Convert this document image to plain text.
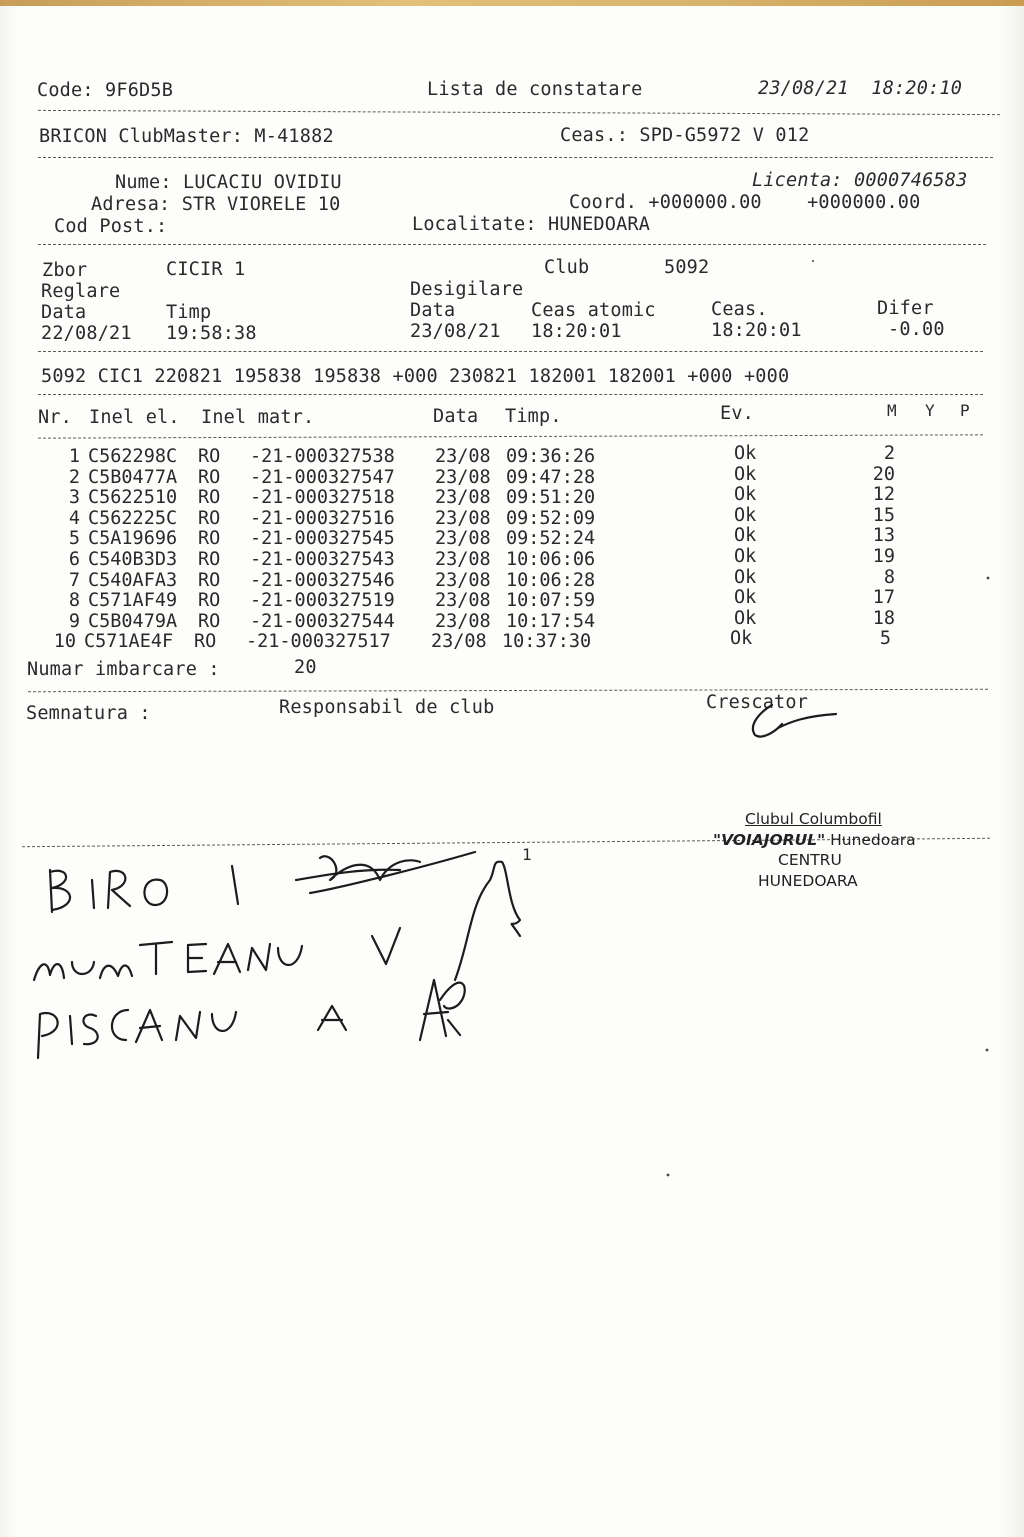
Code: 9F6D5B	Lista de constatare	23/08/21  18:20:10
BRICON ClubMaster: M-41882	Ceas.: SPD-G5972 V 012
Nume: LUCACIU OVIDIU
Adresa: STR VIORELE 10
Cod Post.:
Licenta: 0000746583
Coord. +000000.00    +000000.00
Localitate: HUNEDOARA
Zbor	CICIR 1	Club	5092
Reglare	Desigilare
Data	Timp	Data	Ceas atomic	Ceas.	Difer
22/08/21 19:58:38	23/08/21 18:20:01	18:20:01	-0.00
5092 CIC1 220821 195838 195838 +000 230821 182001 182001 +000 +000
Nr. Inel el. Inel matr.	Data Timp.	Ev.	M Y P
1 C562298C RO -21-000327538 23/08 09:36:26	Ok	2
2 C5B0477A RO -21-000327547 23/08 09:47:28	Ok	20
3 C5622510 RO -21-000327518 23/08 09:51:20	Ok	12
4 C562225C RO -21-000327516 23/08 09:52:09	Ok	15
5 C5A19696 RO -21-000327545 23/08 09:52:24	Ok	13
6 C540B3D3 RO -21-000327543 23/08 10:06:06	Ok	19
7 C540AFA3 RO -21-000327546 23/08 10:06:28	Ok	8
8 C571AF49 RO -21-000327519 23/08 10:07:59	Ok	17
9 C5B0479A RO -21-000327544 23/08 10:17:54	Ok	18
10 C571AE4F RO -21-000327517 23/08 10:37:30	Ok	5
Numar imbarcare :	20
Semnatura :	Responsabil de club	Crescator
1
Clubul Columbofil
"VOIAJORUL" Hunedoara
CENTRU
HUNEDOARA
